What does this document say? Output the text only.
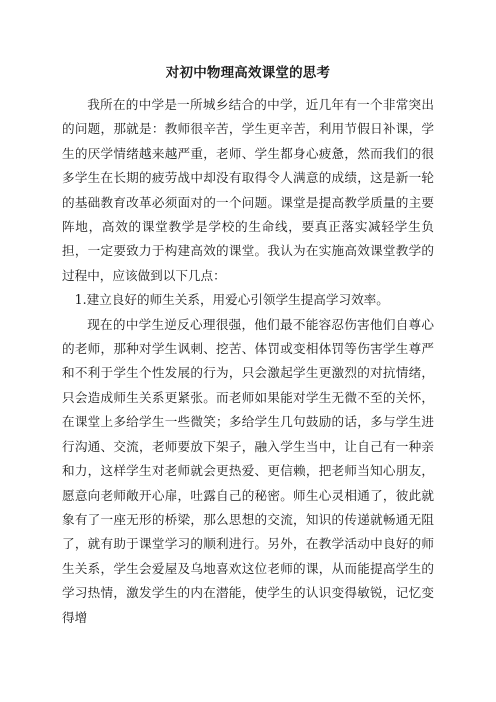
对初中物理高效课堂的思考

我所在的中学是一所城乡结合的中学，近几年有一个非常突出的问题，那就是：教师很辛苦，学生更辛苦，利用节假日补课，学生的厌学情绪越来越严重，老师、学生都身心疲惫，然而我们的很多学生在长期的疲劳战中却没有取得令人满意的成绩，这是新一轮的基础教育改革必须面对的一个问题。课堂是提高教学质量的主要阵地，高效的课堂教学是学校的生命线，要真正落实减轻学生负担，一定要致力于构建高效的课堂。我认为在实施高效课堂教学的过程中，应该做到以下几点：

1.建立良好的师生关系，用爱心引领学生提高学习效率。

现在的中学生逆反心理很强，他们最不能容忍伤害他们自尊心的老师，那种对学生讽刺、挖苦、体罚或变相体罚等伤害学生尊严和不利于学生个性发展的行为，只会激起学生更激烈的对抗情绪，只会造成师生关系更紧张。而老师如果能对学生无微不至的关怀，在课堂上多给学生一些微笑；多给学生几句鼓励的话，多与学生进行沟通、交流，老师要放下架子，融入学生当中，让自己有一种亲和力，这样学生对老师就会更热爱、更信赖，把老师当知心朋友，愿意向老师敞开心扉，吐露自己的秘密。师生心灵相通了，彼此就象有了一座无形的桥梁，那么思想的交流，知识的传递就畅通无阻了，就有助于课堂学习的顺利进行。另外，在教学活动中良好的师生关系，学生会爱屋及乌地喜欢这位老师的课，从而能提高学生的学习热情，激发学生的内在潜能，使学生的认识变得敏锐，记忆变得增
